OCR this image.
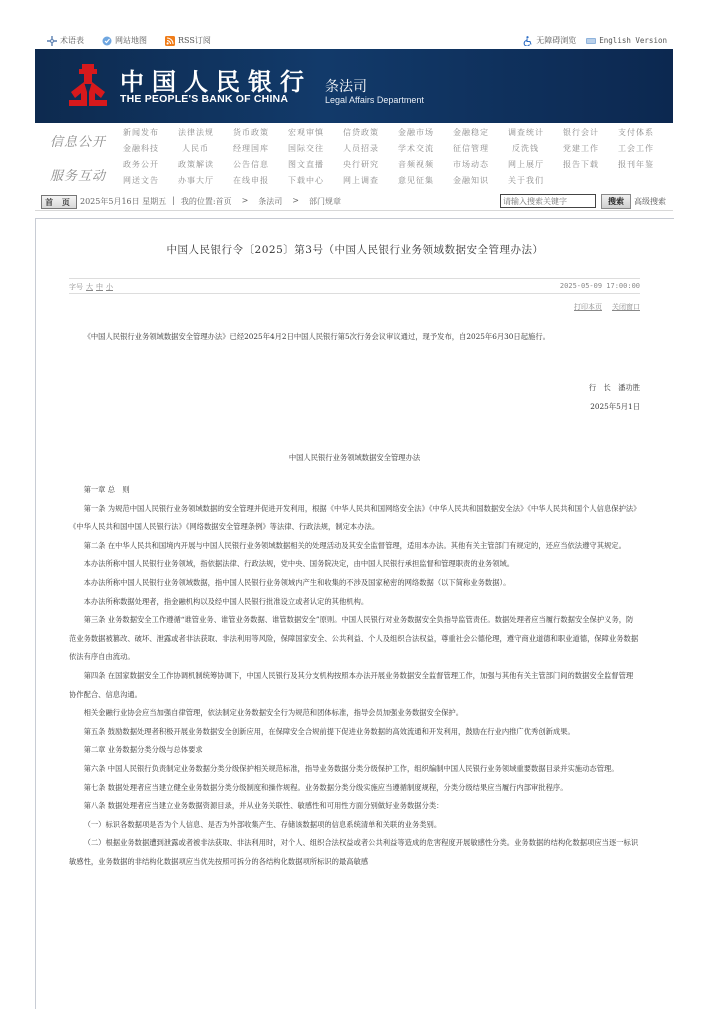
术语表	网站地图	RSS订阅	无障碍浏览	English Version
中国人民银行
THE PEOPLE'S BANK OF CHINA
条法司
Legal Affairs Department
信息公开
服务互动
新闻发布	法律法规	货币政策	宏观审慎	信贷政策	金融市场	金融稳定	调查统计	银行会计	支付体系
金融科技	人民币	经理国库	国际交往	人员招录	学术交流	征信管理	反洗钱	党建工作	工会工作
政务公开	政策解读	公告信息	图文直播	央行研究	音频视频	市场动态	网上展厅	报告下载	报刊年鉴
网送文告	办事大厅	在线申报	下载中心	网上调查	意见征集	金融知识	关于我们
首 页 2025年5月16日 星期五 | 我的位置:首页	>	条法司	>	部门规章
请输入搜索关键字	搜索	高级搜索
中国人民银行令〔2025〕第3号（中国人民银行业务领域数据安全管理办法）
字号 大 中 小	2025-05-09 17:00:00
打印本页 关闭窗口

《中国人民银行业务领域数据安全管理办法》已经2025年4月2日中国人民银行第5次行务会议审议通过，现予发布，自2025年6月30日起施行。

行　长　潘功胜
2025年5月1日
中国人民银行业务领域数据安全管理办法

第一章 总　则

第一条 为规范中国人民银行业务领域数据的安全管理并促进开发利用，根据《中华人民共和国网络安全法》《中华人民共和国数据安全法》《中华人民共和国个人信息保护法》《中华人民共和国中国人民银行法》《网络数据安全管理条例》等法律、行政法规，制定本办法。

第二条 在中华人民共和国境内开展与中国人民银行业务领域数据相关的处理活动及其安全监督管理，适用本办法。其他有关主管部门有规定的，还应当依法遵守其规定。

本办法所称中国人民银行业务领域，指依据法律、行政法规，党中央、国务院决定，由中国人民银行承担监督和管理职责的业务领域。

本办法所称中国人民银行业务领域数据，指中国人民银行业务领域内产生和收集的不涉及国家秘密的网络数据（以下简称业务数据）。

本办法所称数据处理者，指金融机构以及经中国人民银行批准设立或者认定的其他机构。

第三条 业务数据安全工作遵循“谁管业务、谁管业务数据、谁管数据安全”原则。中国人民银行对业务数据安全负指导监管责任。数据处理者应当履行数据安全保护义务，防范业务数据被篡改、破坏、泄露或者非法获取、非法利用等风险，保障国家安全、公共利益、个人及组织合法权益，尊重社会公德伦理，遵守商业道德和职业道德，保障业务数据依法有序自由流动。

第四条 在国家数据安全工作协调机制统筹协调下，中国人民银行及其分支机构按照本办法开展业务数据安全监督管理工作，加强与其他有关主管部门间的数据安全监督管理协作配合、信息沟通。

相关金融行业协会应当加强自律管理，依法制定业务数据安全行为规范和团体标准，指导会员加强业务数据安全保护。

第五条 鼓励数据处理者积极开展业务数据安全创新应用，在保障安全合规前提下促进业务数据的高效流通和开发利用，鼓励在行业内推广优秀创新成果。

第二章 业务数据分类分级与总体要求

第六条 中国人民银行负责制定业务数据分类分级保护相关规范标准，指导业务数据分类分级保护工作，组织编制中国人民银行业务领域重要数据目录并实施动态管理。

第七条 数据处理者应当建立健全业务数据分类分级制度和操作规程。业务数据分类分级实施应当遵循制度规程，分类分级结果应当履行内部审批程序。

第八条 数据处理者应当建立业务数据资源目录，并从业务关联性、敏感性和可用性方面分别做好业务数据分类：

（一）标识各数据项是否为个人信息、是否为外部收集产生、存储该数据项的信息系统清单和关联的业务类别。

（二）根据业务数据遭到泄露或者被非法获取、非法利用时，对个人、组织合法权益或者公共利益等造成的危害程度开展敏感性分类。业务数据的结构化数据项应当逐一标识敏感性，业务数据的非结构化数据项应当优先按照可拆分的各结构化数据项所标识的最高敏感
